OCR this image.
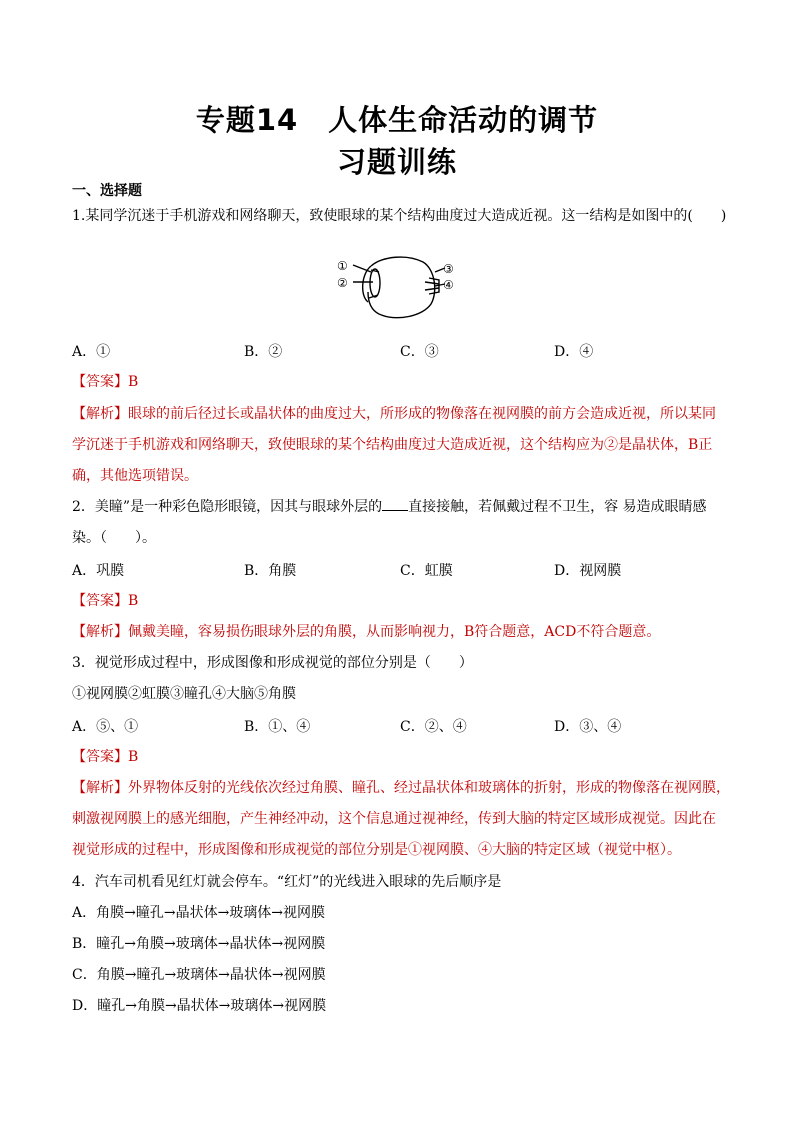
专题14 人体生命活动的调节
习题训练
一、选择题
1.某同学沉迷于手机游戏和网络聊天，致使眼球的某个结构曲度过大造成近视。这一结构是如图中的(　　)
①
②
③
④
A．①	B．②	C．③	D．④
【答案】B
【解析】眼球的前后径过长或晶状体的曲度过大，所形成的物像落在视网膜的前方会造成近视，所以某同
学沉迷于手机游戏和网络聊天，致使眼球的某个结构曲度过大造成近视，这个结构应为②是晶状体，B正
确，其他选项错误。
2．美瞳”是一种彩色隐形眼镜，因其与眼球外层的 直接接触，若佩戴过程不卫生，容 易造成眼睛感
染。（　　）。
A．巩膜	B．角膜	C．虹膜	D．视网膜
【答案】B
【解析】佩戴美瞳，容易损伤眼球外层的角膜，从而影响视力，B符合题意，ACD不符合题意。
3．视觉形成过程中，形成图像和形成视觉的部位分别是（　　）
①视网膜②虹膜③瞳孔④大脑⑤角膜
A．⑤、①	B．①、④	C．②、④	D．③、④
【答案】B
【解析】外界物体反射的光线依次经过角膜、瞳孔、经过晶状体和玻璃体的折射，形成的物像落在视网膜，
刺激视网膜上的感光细胞，产生神经冲动，这个信息通过视神经，传到大脑的特定区域形成视觉。因此在
视觉形成的过程中，形成图像和形成视觉的部位分别是①视网膜、④大脑的特定区域（视觉中枢）。
4．汽车司机看见红灯就会停车。“红灯”的光线进入眼球的先后顺序是
A．角膜→瞳孔→晶状体→玻璃体→视网膜
B．瞳孔→角膜→玻璃体→晶状体→视网膜
C．角膜→瞳孔→玻璃体→晶状体→视网膜
D．瞳孔→角膜→晶状体→玻璃体→视网膜
